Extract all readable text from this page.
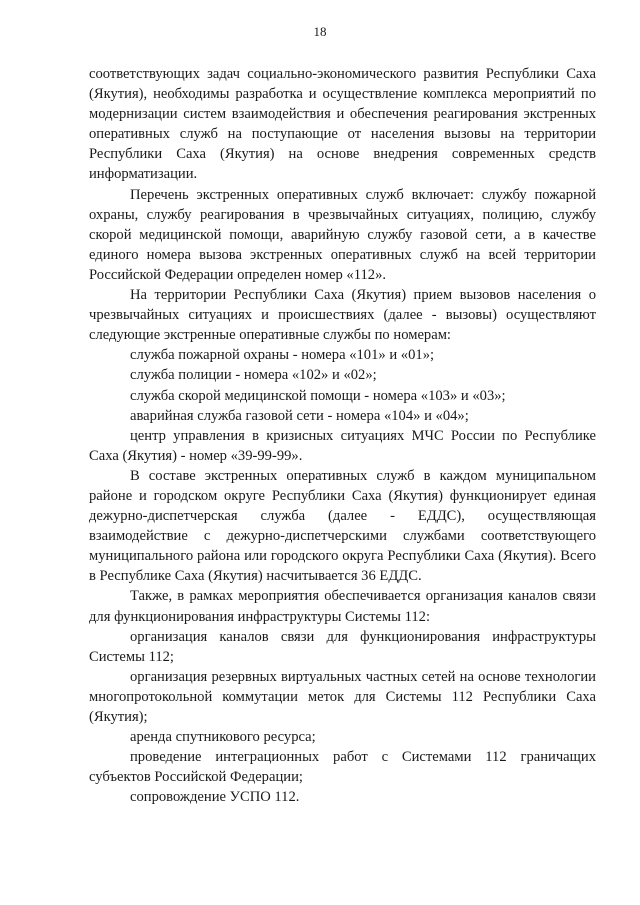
18

соответствующих задач социально-экономического развития Республики Саха (Якутия), необходимы разработка и осуществление комплекса мероприятий по модернизации систем взаимодействия и обеспечения реагирования экстренных оперативных служб на поступающие от населения вызовы на территории Республики Саха (Якутия) на основе внедрения современных средств информатизации.

Перечень экстренных оперативных служб включает: службу пожарной охраны, службу реагирования в чрезвычайных ситуациях, полицию, службу скорой медицинской помощи, аварийную службу газовой сети, а в качестве единого номера вызова экстренных оперативных служб на всей территории Российской Федерации определен номер «112».

На территории Республики Саха (Якутия) прием вызовов населения о чрезвычайных ситуациях и происшествиях (далее - вызовы) осуществляют следующие экстренные оперативные службы по номерам:

служба пожарной охраны - номера «101» и «01»;

служба полиции - номера «102» и «02»;

служба скорой медицинской помощи - номера «103» и «03»;

аварийная служба газовой сети - номера «104» и «04»;

центр управления в кризисных ситуациях МЧС России по Республике Саха (Якутия) - номер «39-99-99».

В составе экстренных оперативных служб в каждом муниципальном районе и городском округе Республики Саха (Якутия) функционирует единая дежурно-диспетчерская служба (далее - ЕДДС), осуществляющая взаимодействие с дежурно-диспетчерскими службами соответствующего муниципального района или городского округа Республики Саха (Якутия). Всего в Республике Саха (Якутия) насчитывается 36 ЕДДС.

Также, в рамках мероприятия обеспечивается организация каналов связи для функционирования инфраструктуры Системы 112:

организация каналов связи для функционирования инфраструктуры Системы 112;

организация резервных виртуальных частных сетей на основе технологии многопротокольной коммутации меток для Системы 112 Республики Саха (Якутия);

аренда спутникового ресурса;

проведение интеграционных работ с Системами 112 граничащих субъектов Российской Федерации;

сопровождение УСПО 112.
